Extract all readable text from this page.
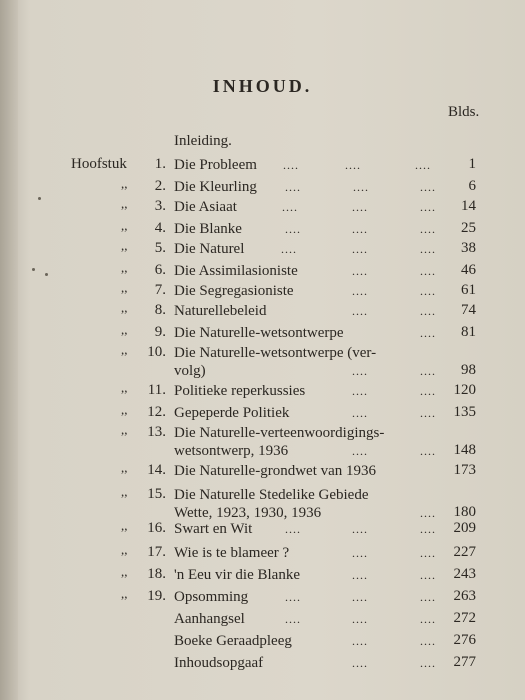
INHOUD.
Blds.
Inleiding.
Hoofstuk	1. Die Probleem	....	....	....	1
,,	2. Die Kleurling	....	....	....	6
,,	3. Die Asiaat	....	....	....	14
,,	4. Die Blanke	....	....	....	25
,,	5. Die Naturel	....	....	....	38
,,	6. Die Assimilasioniste	....	....	46
,,	7. Die Segregasioniste	....	....	61
,,	8. Naturellebeleid	....	....	74
,,	9. Die Naturelle-wetsontwerpe	....	81
,,	10. Die Naturelle-wetsontwerpe (ver-
volg)	....	....	98
,,	11. Politieke reperkussies	....	....	120
,,	12. Gepeperde Politiek	....	....	135
,,	13. Die Naturelle-verteenwoordigings-
wetsontwerp, 1936	....	....	148
,,	14. Die Naturelle-grondwet van 1936	173
,,	15. Die Naturelle Stedelike Gebiede
Wette, 1923, 1930, 1936	....	180
,,	16. Swart en Wit	....	....	....	209
,,	17. Wie is te blameer ?	....	....	227
,,	18. 'n Eeu vir die Blanke	....	....	243
,,	19. Opsomming	....	....	....	263
Aanhangsel	....	....	....	272
Boeke Geraadpleeg	....	....	276
Inhoudsopgaaf	....	....	277
